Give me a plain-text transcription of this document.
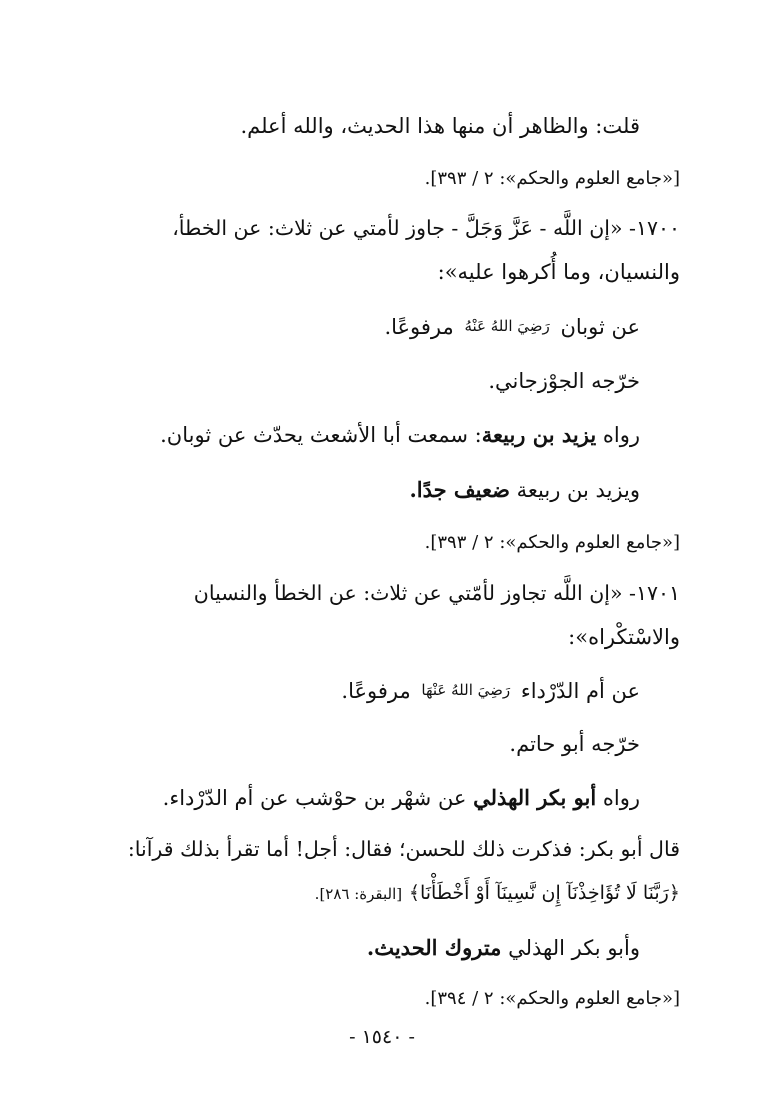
قلت: والظاهر أن منها هذا الحديث، والله أعلم.
[«جامع العلوم والحكم»: ٢ / ٣٩٣].
١٧٠٠- «إن اللَّه - عَزَّ وَجَلَّ - جاوز لأمتي عن ثلاث: عن الخطأ،
والنسيان، وما أُكرهوا عليه»:
عن ثوبان رَضِيَ اللهُ عَنْهُ مرفوعًا.
خرّجه الجوْزجاني.
رواه يزيد بن ربيعة: سمعت أبا الأشعث يحدّث عن ثوبان.
ويزيد بن ربيعة ضعيف جدًا.
[«جامع العلوم والحكم»: ٢ / ٣٩٣].
١٧٠١- «إن اللَّه تجاوز لأمّتي عن ثلاث: عن الخطأ والنسيان
والاسْتكْراه»:
عن أم الدّرْداء رَضِيَ اللهُ عَنْهَا مرفوعًا.
خرّجه أبو حاتم.
رواه أبو بكر الهذلي عن شهْر بن حوْشب عن أم الدّرْداء.
قال أبو بكر: فذكرت ذلك للحسن؛ فقال: أجل! أما تقرأ بذلك قرآنا:
﴿رَبَّنَا لَا تُؤَاخِذْنَآ إِن نَّسِينَآ أَوْ أَخْطَأْنَا﴾ [البقرة: ٢٨٦].
وأبو بكر الهذلي متروك الحديث.
[«جامع العلوم والحكم»: ٢ / ٣٩٤].
- ١٥٤٠ -
